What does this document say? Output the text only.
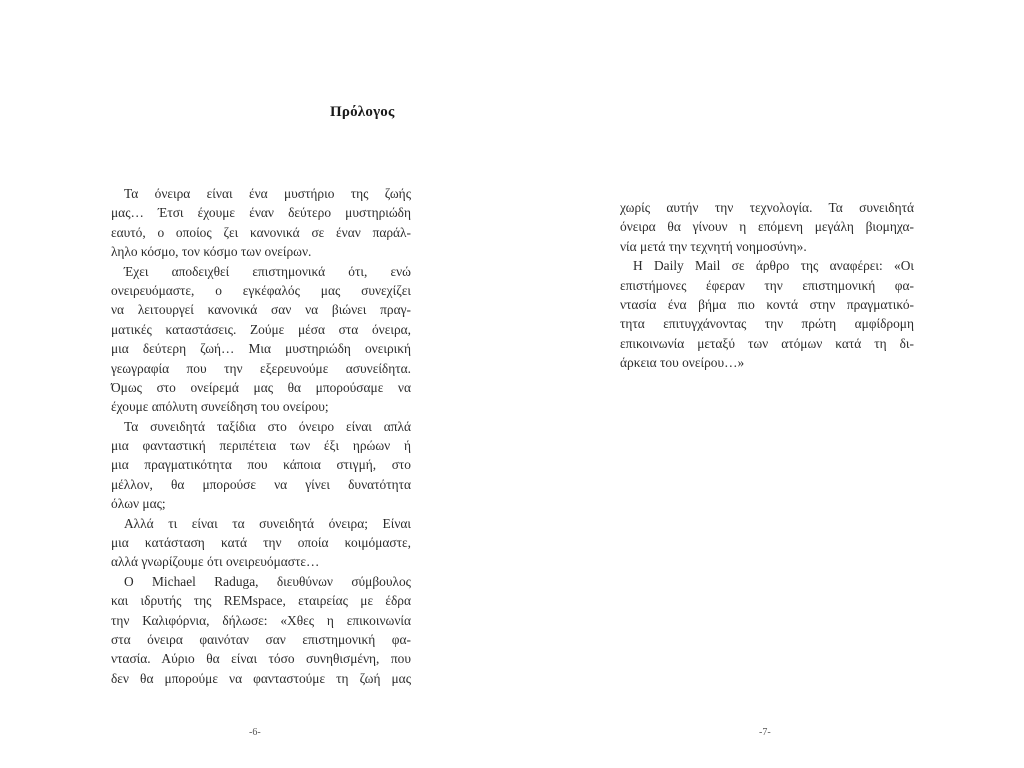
Πρόλογος
Τα όνειρα είναι ένα μυστήριο της ζωής
μας… Έτσι έχουμε έναν δεύτερο μυστηριώδη
εαυτό, ο οποίος ζει κανονικά σε έναν παράλ-
ληλο κόσμο, τον κόσμο των ονείρων.
Έχει αποδειχθεί επιστημονικά ότι, ενώ
ονειρευόμαστε, ο εγκέφαλός μας συνεχίζει
να λειτουργεί κανονικά σαν να βιώνει πραγ-
ματικές καταστάσεις. Ζούμε μέσα στα όνειρα,
μια δεύτερη ζωή… Μια μυστηριώδη ονειρική
γεωγραφία που την εξερευνούμε ασυνείδητα.
Όμως στο ονείρεμά μας θα μπορούσαμε να
έχουμε απόλυτη συνείδηση του ονείρου;
Τα συνειδητά ταξίδια στο όνειρο είναι απλά
μια φανταστική περιπέτεια των έξι ηρώων ή
μια πραγματικότητα που κάποια στιγμή, στο
μέλλον, θα μπορούσε να γίνει δυνατότητα
όλων μας;
Αλλά τι είναι τα συνειδητά όνειρα; Είναι
μια κατάσταση κατά την οποία κοιμόμαστε,
αλλά γνωρίζουμε ότι ονειρευόμαστε…
Ο Michael Raduga, διευθύνων σύμβουλος
και ιδρυτής της REMspace, εταιρείας με έδρα
την Καλιφόρνια, δήλωσε: «Χθες η επικοινωνία
στα όνειρα φαινόταν σαν επιστημονική φα-
ντασία. Αύριο θα είναι τόσο συνηθισμένη, που
δεν θα μπορούμε να φανταστούμε τη ζωή μας
-6-
χωρίς αυτήν την τεχνολογία. Τα συνειδητά
όνειρα θα γίνουν η επόμενη μεγάλη βιομηχα-
νία μετά την τεχνητή νοημοσύνη».
Η Daily Mail σε άρθρο της αναφέρει: «Οι
επιστήμονες έφεραν την επιστημονική φα-
ντασία ένα βήμα πιο κοντά στην πραγματικό-
τητα επιτυγχάνοντας την πρώτη αμφίδρομη
επικοινωνία μεταξύ των ατόμων κατά τη δι-
άρκεια του ονείρου…»
-7-
